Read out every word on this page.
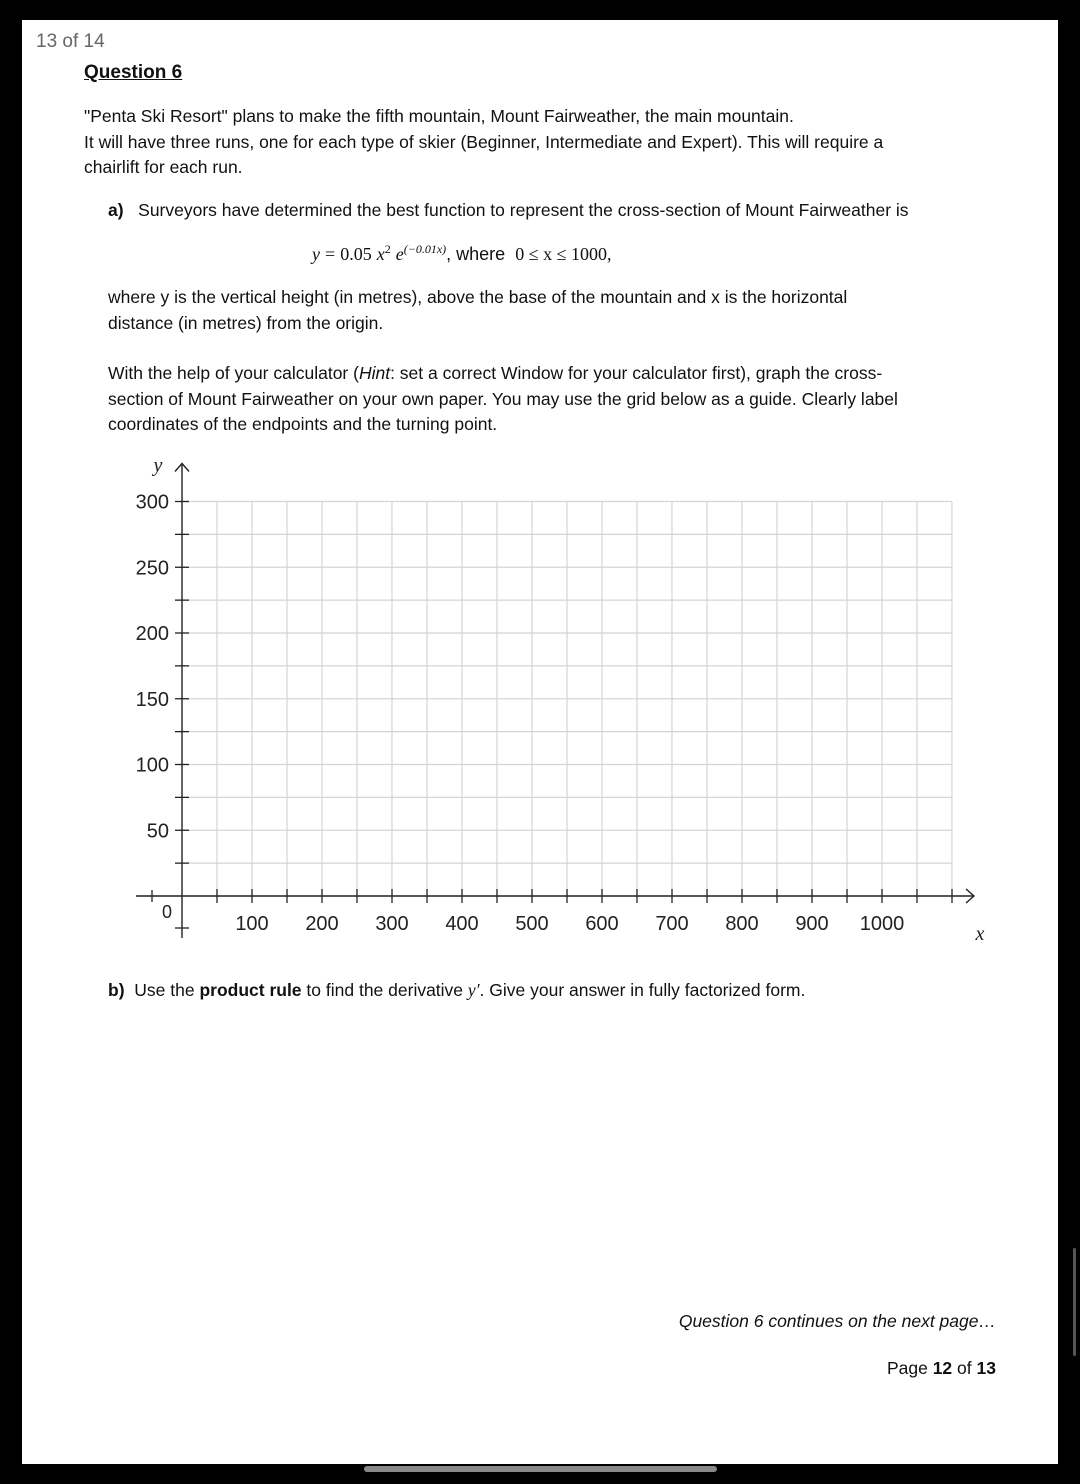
13 of 14
Question 6
"Penta Ski Resort" plans to make the fifth mountain, Mount Fairweather, the main mountain.
It will have three runs, one for each type of skier (Beginner, Intermediate and Expert). This will require a
chairlift for each run.
a) Surveyors have determined the best function to represent the cross-section of Mount Fairweather is
y = 0.05 $x^2$ $e^{(-0.01x)}$, where 0 ≤ x ≤ 1000,
where y is the vertical height (in metres), above the base of the mountain and x is the horizontal
distance (in metres) from the origin.
With the help of your calculator (Hint: set a correct Window for your calculator first), graph the cross-
section of Mount Fairweather on your own paper. You may use the grid below as a guide. Clearly label
coordinates of the endpoints and the turning point.
100 200 300 400 500 600 700 800 900 1000
50
100
150
200
250
300
0
x
y
b) Use the product rule to find the derivative y′. Give your answer in fully factorized form.
Question 6 continues on the next page…
Page 12 of 13
